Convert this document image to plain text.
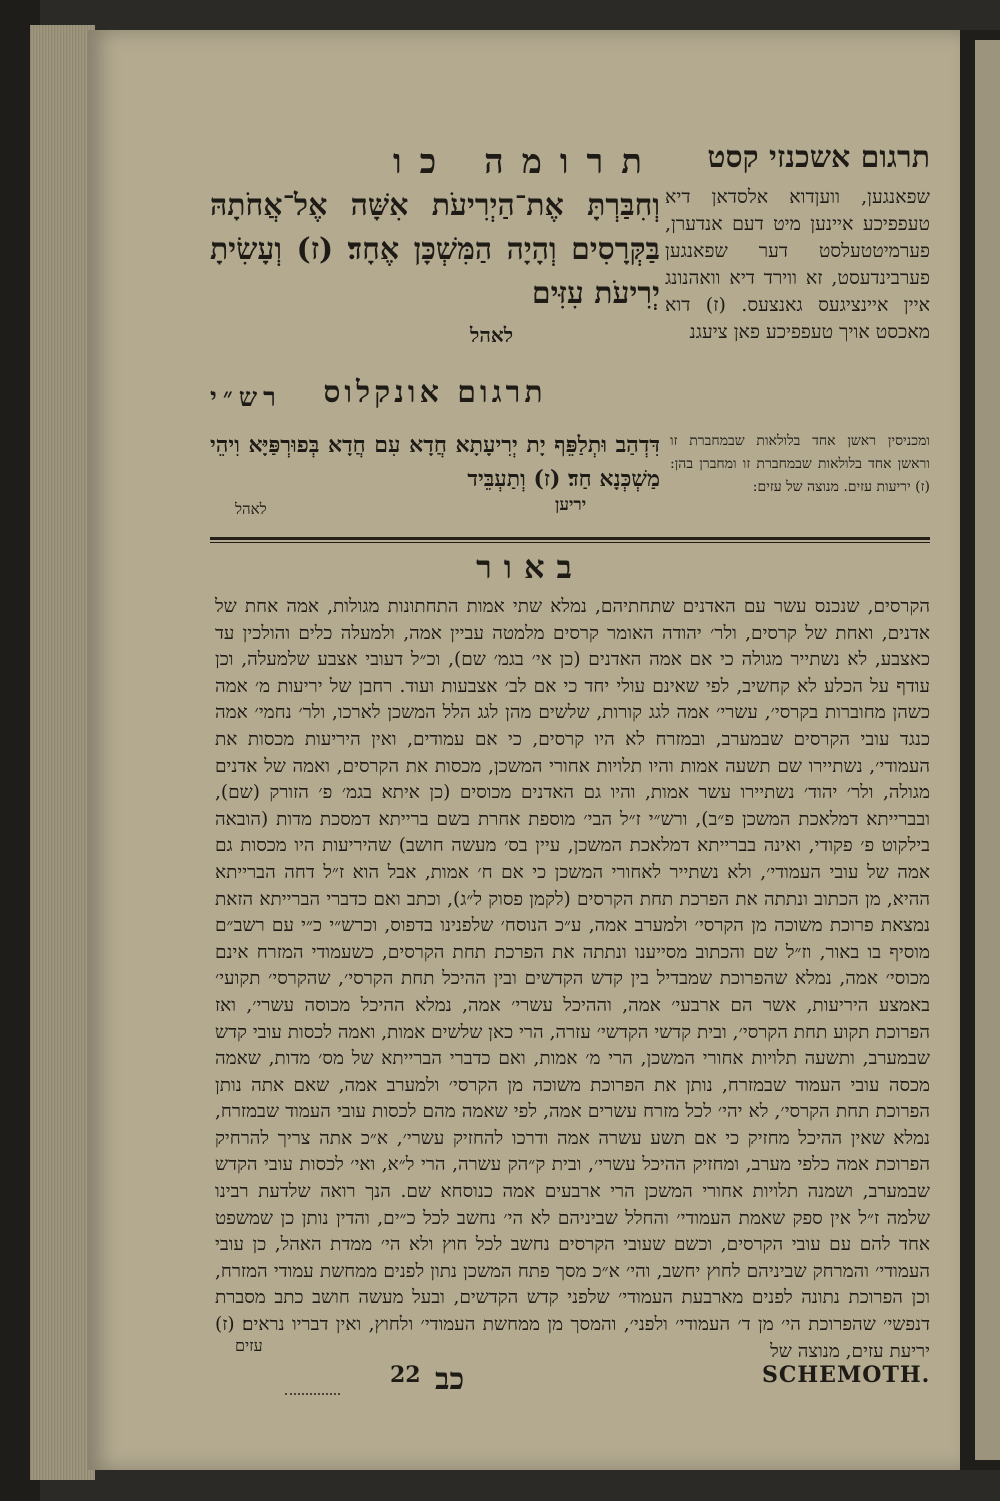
תרומה כו	תרגום אשכנזי קסט
וְחִבַּרְתָּ אֶת־הַיְרִיעֹת אִשָּׁה אֶל־אֲחֹתָהּ בַּקְּרָסִים וְהָיָה הַמִּשְׁכָּן אֶחָד׃ (ז) וְעָשִׂיתָ יְרִיעֹת עִזִּים
לאהל
שפאנגען, וועןדוא אלסדאן דיא טעפפיכע איינען מיט דעם אנדערן, פערמיטטעלסט דער שפאנגען פערבינדעסט, זא ווירד דיא וואהנונג איין איינציגעס גאנצעס. (ז) דוא מאכסט אויך טעפפיכע פאן ציעגנ
תרגום אונקלוס
רש״י
דִּדְהַב וּתְלַפֵּף יָת יְרִיעָתָא חֲדָא עִם חֲדָא בְּפוּרְפַּיָּא וִיהֵי מַשְׁכְּנָא חַד׃ (ז) וְתַעְבֵּיד
יריען
ומכניסין ראשן אחד בלולאות שבמחברת זו וראשן אחד בלולאות שבמחברת זו ומחברן בהן: (ז) יריעות עזים. מנוצה של עזים:
לאהל
באור
הקרסים, שנכנס עשר עם האדנים שתחתיהם, נמלא שתי אמות התחתונות מגולות, אמה אחת של אדנים, ואחת של קרסים, ולר׳ יהודה האומר קרסים מלמטה עביין אמה, ולמעלה כלים והולכין עד כאצבע, לא נשתייר מגולה כי אם אמה האדנים (כן אי׳ בגמ׳ שם), וכ״ל דעובי אצבע שלמעלה, וכן עודף על הכלע לא קחשיב, לפי שאינם עולי יחד כי אם לב׳ אצבעות ועוד. רחבן של יריעות מ׳ אמה כשהן מחוברות בקרסי׳, עשרי׳ אמה לגג קורות, שלשים מהן לגג הלל המשכן לארכו, ולר׳ נחמי׳ אמה כנגד עובי הקרסים שבמערב, ובמזרח לא היו קרסים, כי אם עמודים, ואין היריעות מכסות את העמודי׳, נשתיירו שם תשעה אמות והיו תלויות אחורי המשכן, מכסות את הקרסים, ואמה של אדנים מגולה, ולר׳ יהוד׳ נשתיירו עשר אמות, והיו גם האדנים מכוסים (כן איתא בגמ׳ פ׳ הזורק (שם), ובברייתא דמלאכת המשכן פ״ב), ורש״י ז״ל הבי׳ מוספת אחרת בשם ברייתא דמסכת מדות (הובאה בילקוט פ׳ פקודי, ואינה בברייתא דמלאכת המשכן, עיין בס׳ מעשה חושב) שהיריעות היו מכסות גם אמה של עובי העמודי׳, ולא נשתייר לאחורי המשכן כי אם ח׳ אמות, אבל הוא ז״ל דחה הברייתא ההיא, מן הכתוב ונתתה את הפרכת תחת הקרסים (לקמן פסוק ל״ג), וכתב ואם כדברי הברייתא הזאת נמצאת פרוכת משוכה מן הקרסי׳ ולמערב אמה, ע״כ הנוסח׳ שלפנינו בדפוס, וכרש״י כ״י עם רשב״ם מוסיף בו באור, וז״ל שם והכתוב מסייענו ונתתה את הפרכת תחת הקרסים, כשעמודי המזרח אינם מכוסי׳ אמה, נמלא שהפרוכת שמבדיל בין קדש הקדשים ובין ההיכל תחת הקרסי׳, שהקרסי׳ תקועי׳ באמצע היריעות, אשר הם ארבעי׳ אמה, וההיכל עשרי׳ אמה, נמלא ההיכל מכוסה עשרי׳, ואז הפרוכת תקוע תחת הקרסי׳, ובית קדשי הקדשי׳ עזרה, הרי כאן שלשים אמות, ואמה לכסות עובי קדש שבמערב, ותשעה תלויות אחורי המשכן, הרי מ׳ אמות, ואם כדברי הברייתא של מס׳ מדות, שאמה מכסה עובי העמוד שבמזרח, נותן את הפרוכת משוכה מן הקרסי׳ ולמערב אמה, שאם אתה נותן הפרוכת תחת הקרסי׳, לא יהי׳ לכל מזרח עשרים אמה, לפי שאמה מהם לכסות עובי העמוד שבמזרח, נמלא שאין ההיכל מחזיק כי אם תשע עשרה אמה ודרכו להחזיק עשרי׳, א״כ אתה צריך להרחיק הפרוכת אמה כלפי מערב, ומחזיק ההיכל עשרי׳, ובית ק״הק עשרה, הרי ל״א, ואי׳ לכסות עובי הקדש שבמערב, ושמנה תלויות אחורי המשכן הרי ארבעים אמה כנוסחא שם. הנך רואה שלדעת רבינו שלמה ז״ל אין ספק שאמת העמודי׳ והחלל שביניהם לא הי׳ נחשב לכל כ״ים, והדין נותן כן שמשפט אחד להם עם עובי הקרסים, וכשם שעובי הקרסים נחשב לכל חוץ ולא הי׳ ממדת האהל, כן עובי העמודי׳ והמרחק שביניהם לחוץ יחשב, והי׳ א״כ מסך פתח המשכן נתון לפנים ממחשת עמודי המזרח, וכן הפרוכת נתונה לפנים מארבעת העמודי׳ שלפני קדש הקדשים, ובעל מעשה חושב כתב מסברת דנפשי׳ שהפרוכת הי׳ מן ד׳ העמודי׳ ולפני׳, והמסך מן ממחשת העמודי׳ ולחוץ, ואין דבריו נראים׃ (ז) יריעת עזים, מנוצה של
עזים
22 כב	SCHEMOTH.
